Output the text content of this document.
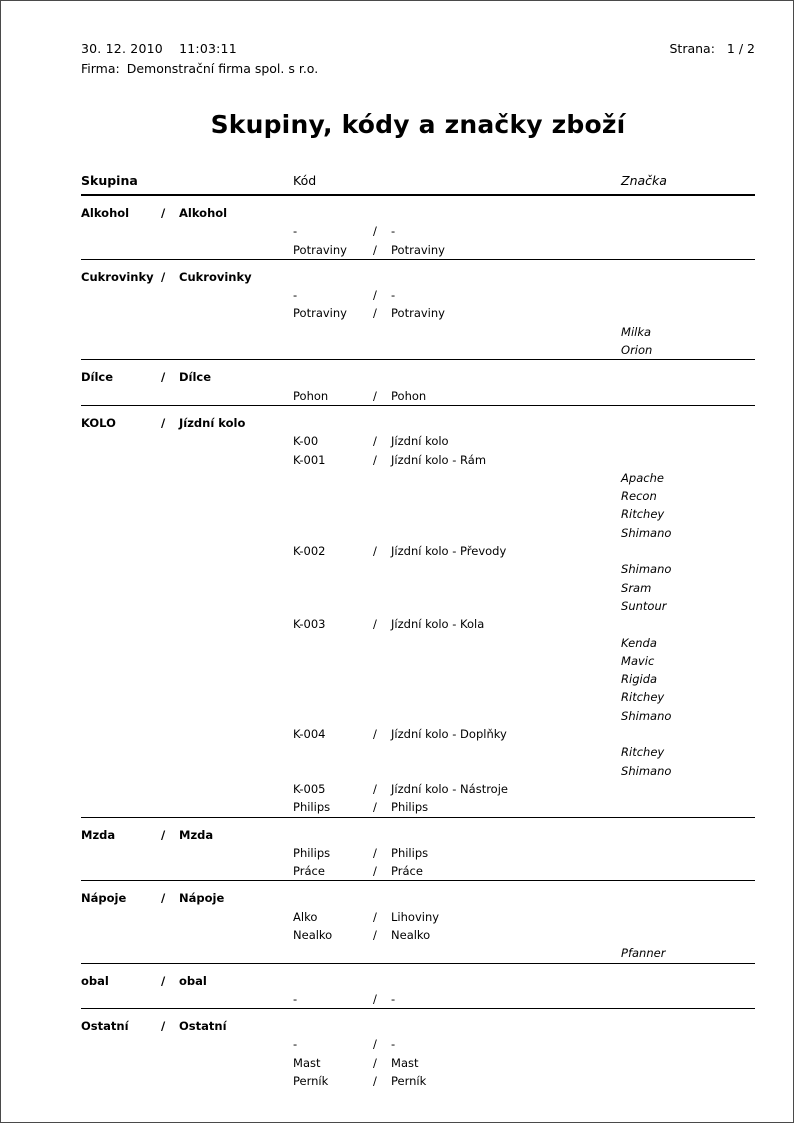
30. 12. 2010 11:03:11	Strana: 1 / 2
Firma: Demonstrační firma spol. s r.o.
Skupiny, kódy a značky zboží
Skupina			Kód			Značka

Alkohol	/	Alkohol				
			-	/	-	
			Potraviny	/	Potraviny	

Cukrovinky	/	Cukrovinky				
			-	/	-	
			Potraviny	/	Potraviny	
						Milka
						Orion

Dílce	/	Dílce				
			Pohon	/	Pohon	

KOLO	/	Jízdní kolo				
			K-00	/	Jízdní kolo	
			K-001	/	Jízdní kolo - Rám	
						Apache
						Recon
						Ritchey
						Shimano
			K-002	/	Jízdní kolo - Převody	
						Shimano
						Sram
						Suntour
			K-003	/	Jízdní kolo - Kola	
						Kenda
						Mavic
						Rigida
						Ritchey
						Shimano
			K-004	/	Jízdní kolo - Doplňky	
						Ritchey
						Shimano
			K-005	/	Jízdní kolo - Nástroje	
			Philips	/	Philips	

Mzda	/	Mzda				
			Philips	/	Philips	
			Práce	/	Práce	

Nápoje	/	Nápoje				
			Alko	/	Lihoviny	
			Nealko	/	Nealko	
						Pfanner

obal	/	obal				
			-	/	-	

Ostatní	/	Ostatní				
			-	/	-	
			Mast	/	Mast	
			Perník	/	Perník	
